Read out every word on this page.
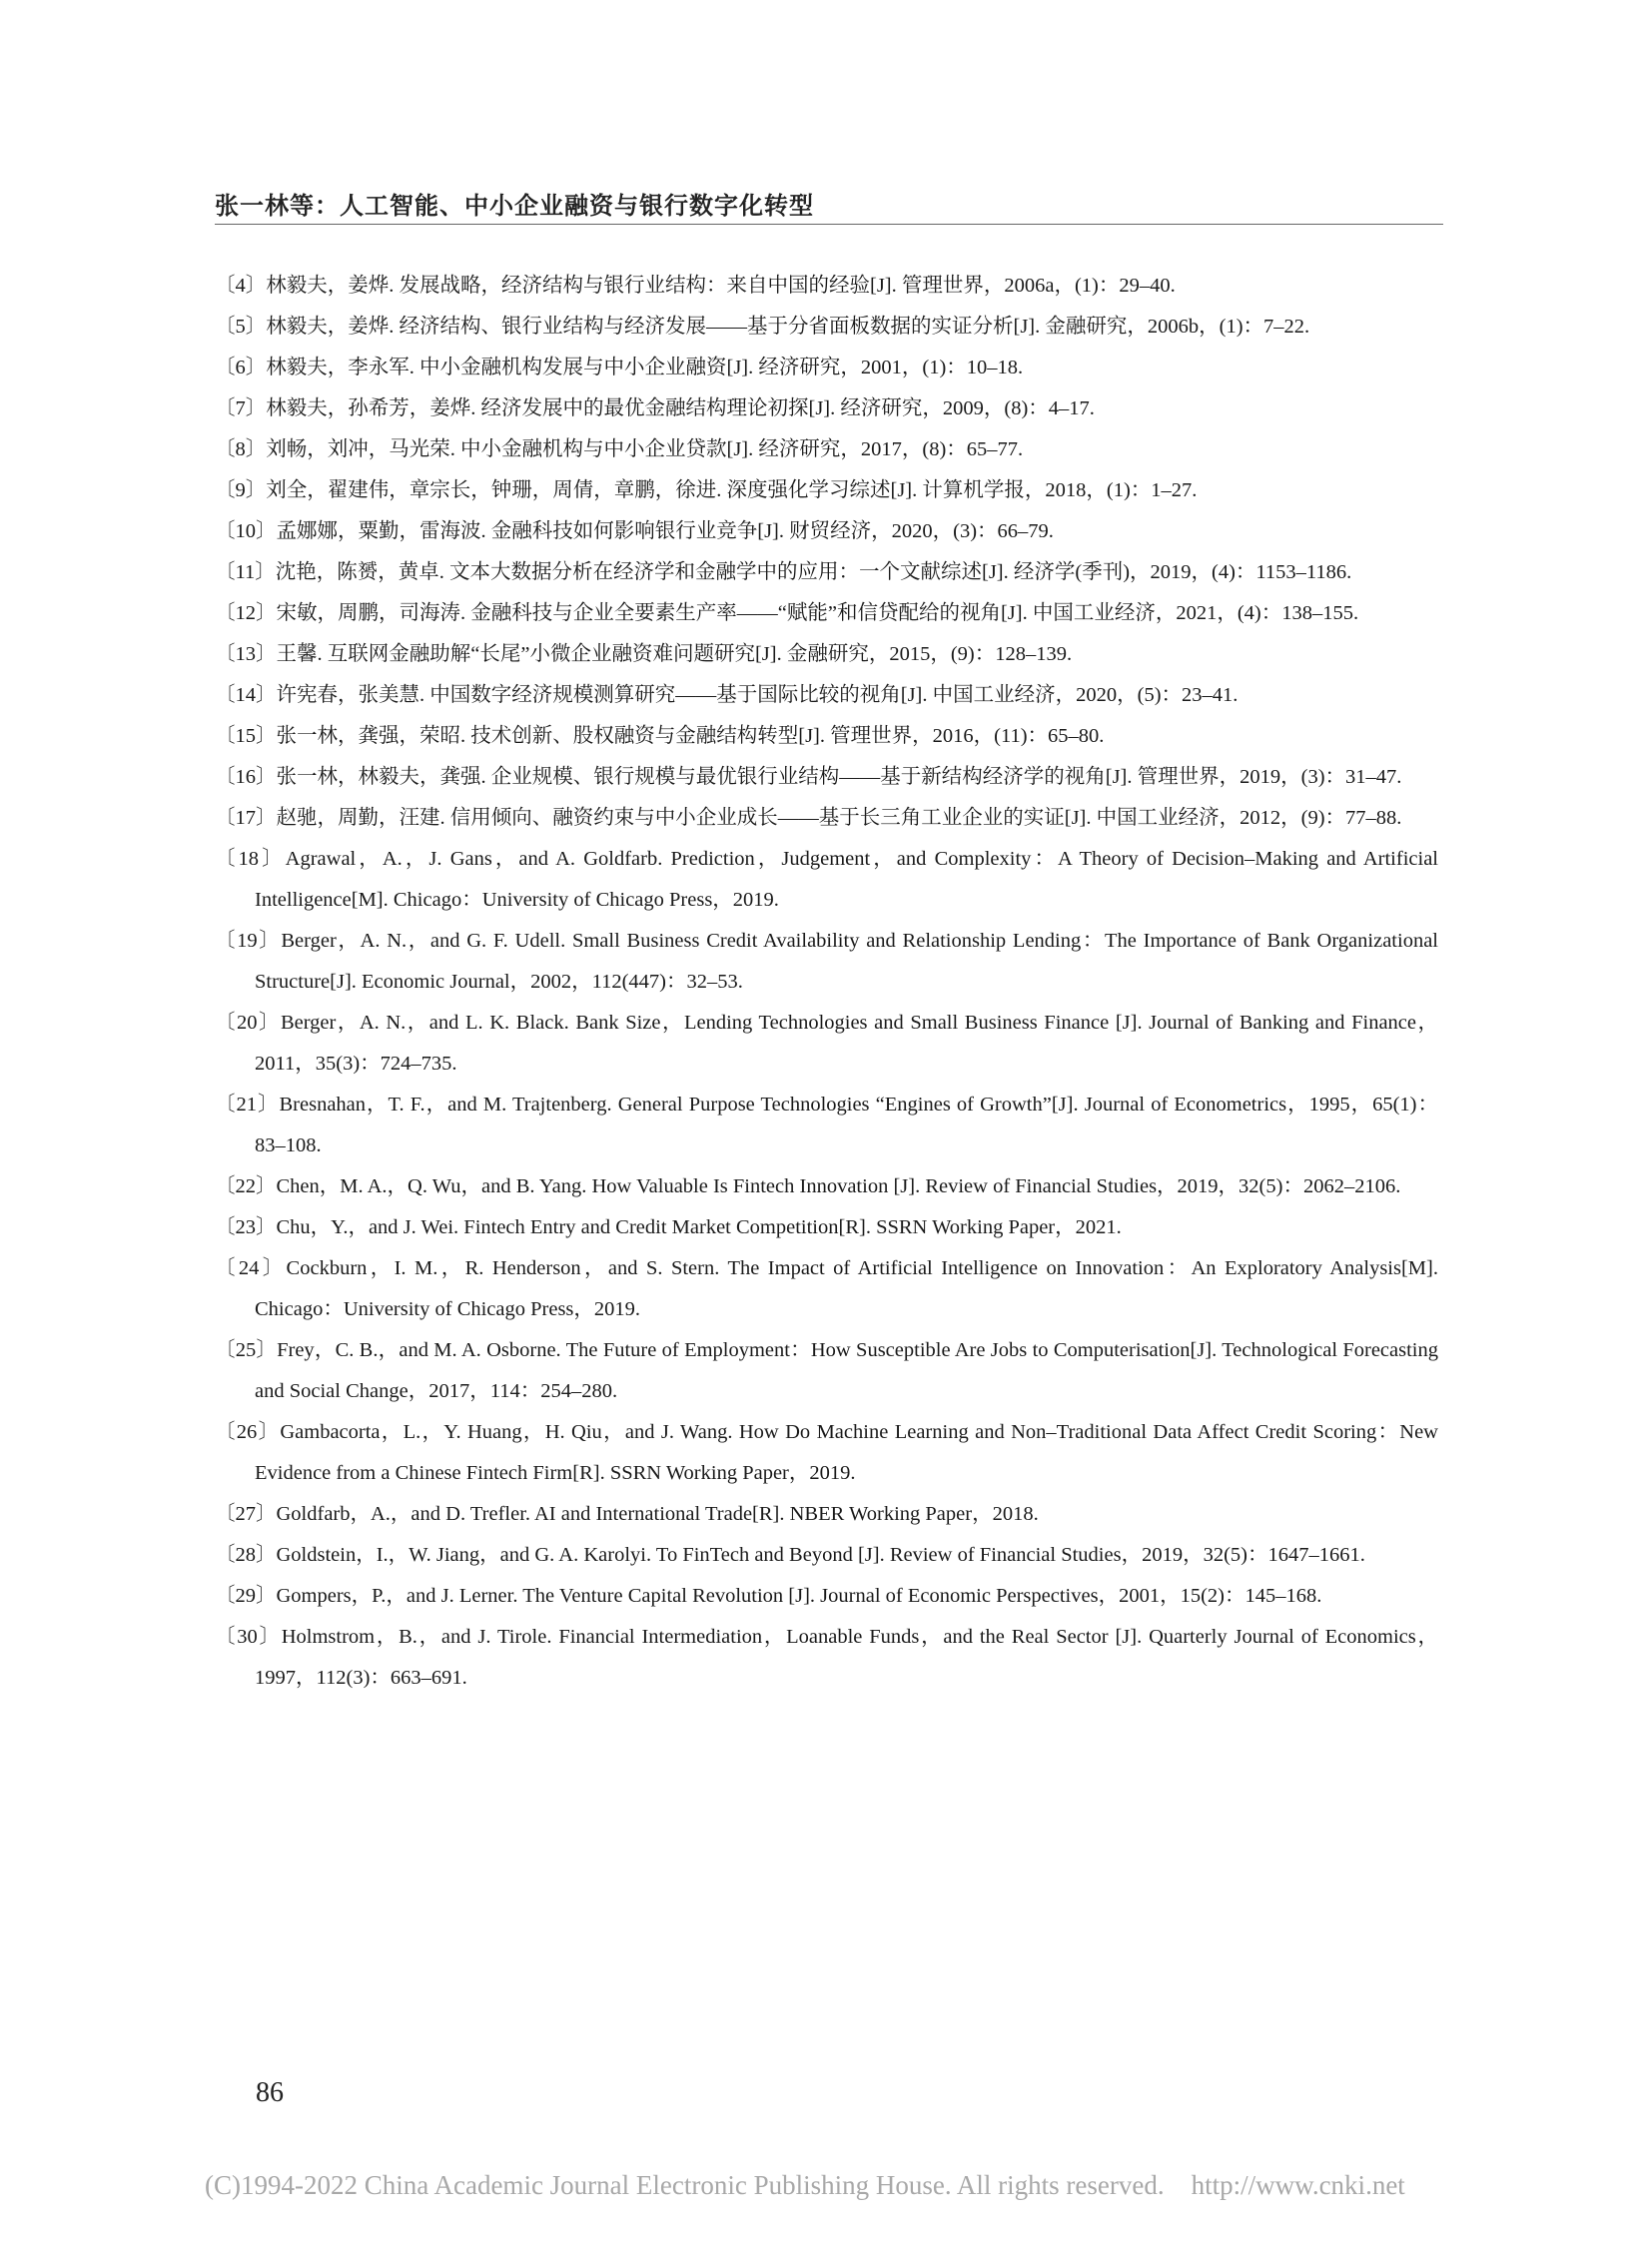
张一林等：人工智能、中小企业融资与银行数字化转型
〔4〕林毅夫，姜烨. 发展战略，经济结构与银行业结构：来自中国的经验[J]. 管理世界，2006a，(1)：29–40.
〔5〕林毅夫，姜烨. 经济结构、银行业结构与经济发展——基于分省面板数据的实证分析[J]. 金融研究，2006b，(1)：7–22.
〔6〕林毅夫，李永军. 中小金融机构发展与中小企业融资[J]. 经济研究，2001，(1)：10–18.
〔7〕林毅夫，孙希芳，姜烨. 经济发展中的最优金融结构理论初探[J]. 经济研究，2009，(8)：4–17.
〔8〕刘畅，刘冲，马光荣. 中小金融机构与中小企业贷款[J]. 经济研究，2017，(8)：65–77.
〔9〕刘全，翟建伟，章宗长，钟珊，周倩，章鹏，徐进. 深度强化学习综述[J]. 计算机学报，2018，(1)：1–27.
〔10〕孟娜娜，粟勤，雷海波. 金融科技如何影响银行业竞争[J]. 财贸经济，2020，(3)：66–79.
〔11〕沈艳，陈赟，黄卓. 文本大数据分析在经济学和金融学中的应用：一个文献综述[J]. 经济学(季刊)，2019，(4)：1153–1186.
〔12〕宋敏，周鹏，司海涛. 金融科技与企业全要素生产率——“赋能”和信贷配给的视角[J]. 中国工业经济，2021，(4)：138–155.
〔13〕王馨. 互联网金融助解“长尾”小微企业融资难问题研究[J]. 金融研究，2015，(9)：128–139.
〔14〕许宪春，张美慧. 中国数字经济规模测算研究——基于国际比较的视角[J]. 中国工业经济，2020，(5)：23–41.
〔15〕张一林，龚强，荣昭. 技术创新、股权融资与金融结构转型[J]. 管理世界，2016，(11)：65–80.
〔16〕张一林，林毅夫，龚强. 企业规模、银行规模与最优银行业结构——基于新结构经济学的视角[J]. 管理世界，2019，(3)：31–47.
〔17〕赵驰，周勤，汪建. 信用倾向、融资约束与中小企业成长——基于长三角工业企业的实证[J]. 中国工业经济，2012，(9)：77–88.
〔18〕Agrawal，A.，J. Gans，and A. Goldfarb. Prediction，Judgement，and Complexity：A Theory of Decision–Making and Artificial Intelligence[M]. Chicago：University of Chicago Press，2019.
〔19〕Berger，A. N.，and G. F. Udell. Small Business Credit Availability and Relationship Lending：The Importance of Bank Organizational Structure[J]. Economic Journal，2002，112(447)：32–53.
〔20〕Berger，A. N.，and L. K. Black. Bank Size，Lending Technologies and Small Business Finance [J]. Journal of Banking and Finance，2011，35(3)：724–735.
〔21〕Bresnahan，T. F.，and M. Trajtenberg. General Purpose Technologies “Engines of Growth”[J]. Journal of Econometrics，1995，65(1)：83–108.
〔22〕Chen，M. A.，Q. Wu，and B. Yang. How Valuable Is Fintech Innovation [J]. Review of Financial Studies，2019，32(5)：2062–2106.
〔23〕Chu，Y.，and J. Wei. Fintech Entry and Credit Market Competition[R]. SSRN Working Paper，2021.
〔24〕Cockburn，I. M.，R. Henderson，and S. Stern. The Impact of Artificial Intelligence on Innovation：An Exploratory Analysis[M]. Chicago：University of Chicago Press，2019.
〔25〕Frey，C. B.，and M. A. Osborne. The Future of Employment：How Susceptible Are Jobs to Computerisation[J]. Technological Forecasting and Social Change，2017，114：254–280.
〔26〕Gambacorta，L.，Y. Huang，H. Qiu，and J. Wang. How Do Machine Learning and Non–Traditional Data Affect Credit Scoring：New Evidence from a Chinese Fintech Firm[R]. SSRN Working Paper，2019.
〔27〕Goldfarb，A.，and D. Trefler. AI and International Trade[R]. NBER Working Paper，2018.
〔28〕Goldstein，I.，W. Jiang，and G. A. Karolyi. To FinTech and Beyond [J]. Review of Financial Studies，2019，32(5)：1647–1661.
〔29〕Gompers，P.，and J. Lerner. The Venture Capital Revolution [J]. Journal of Economic Perspectives，2001，15(2)：145–168.
〔30〕Holmstrom，B.，and J. Tirole. Financial Intermediation，Loanable Funds，and the Real Sector [J]. Quarterly Journal of Economics，1997，112(3)：663–691.
86
(C)1994-2022 China Academic Journal Electronic Publishing House. All rights reserved. http://www.cnki.net
